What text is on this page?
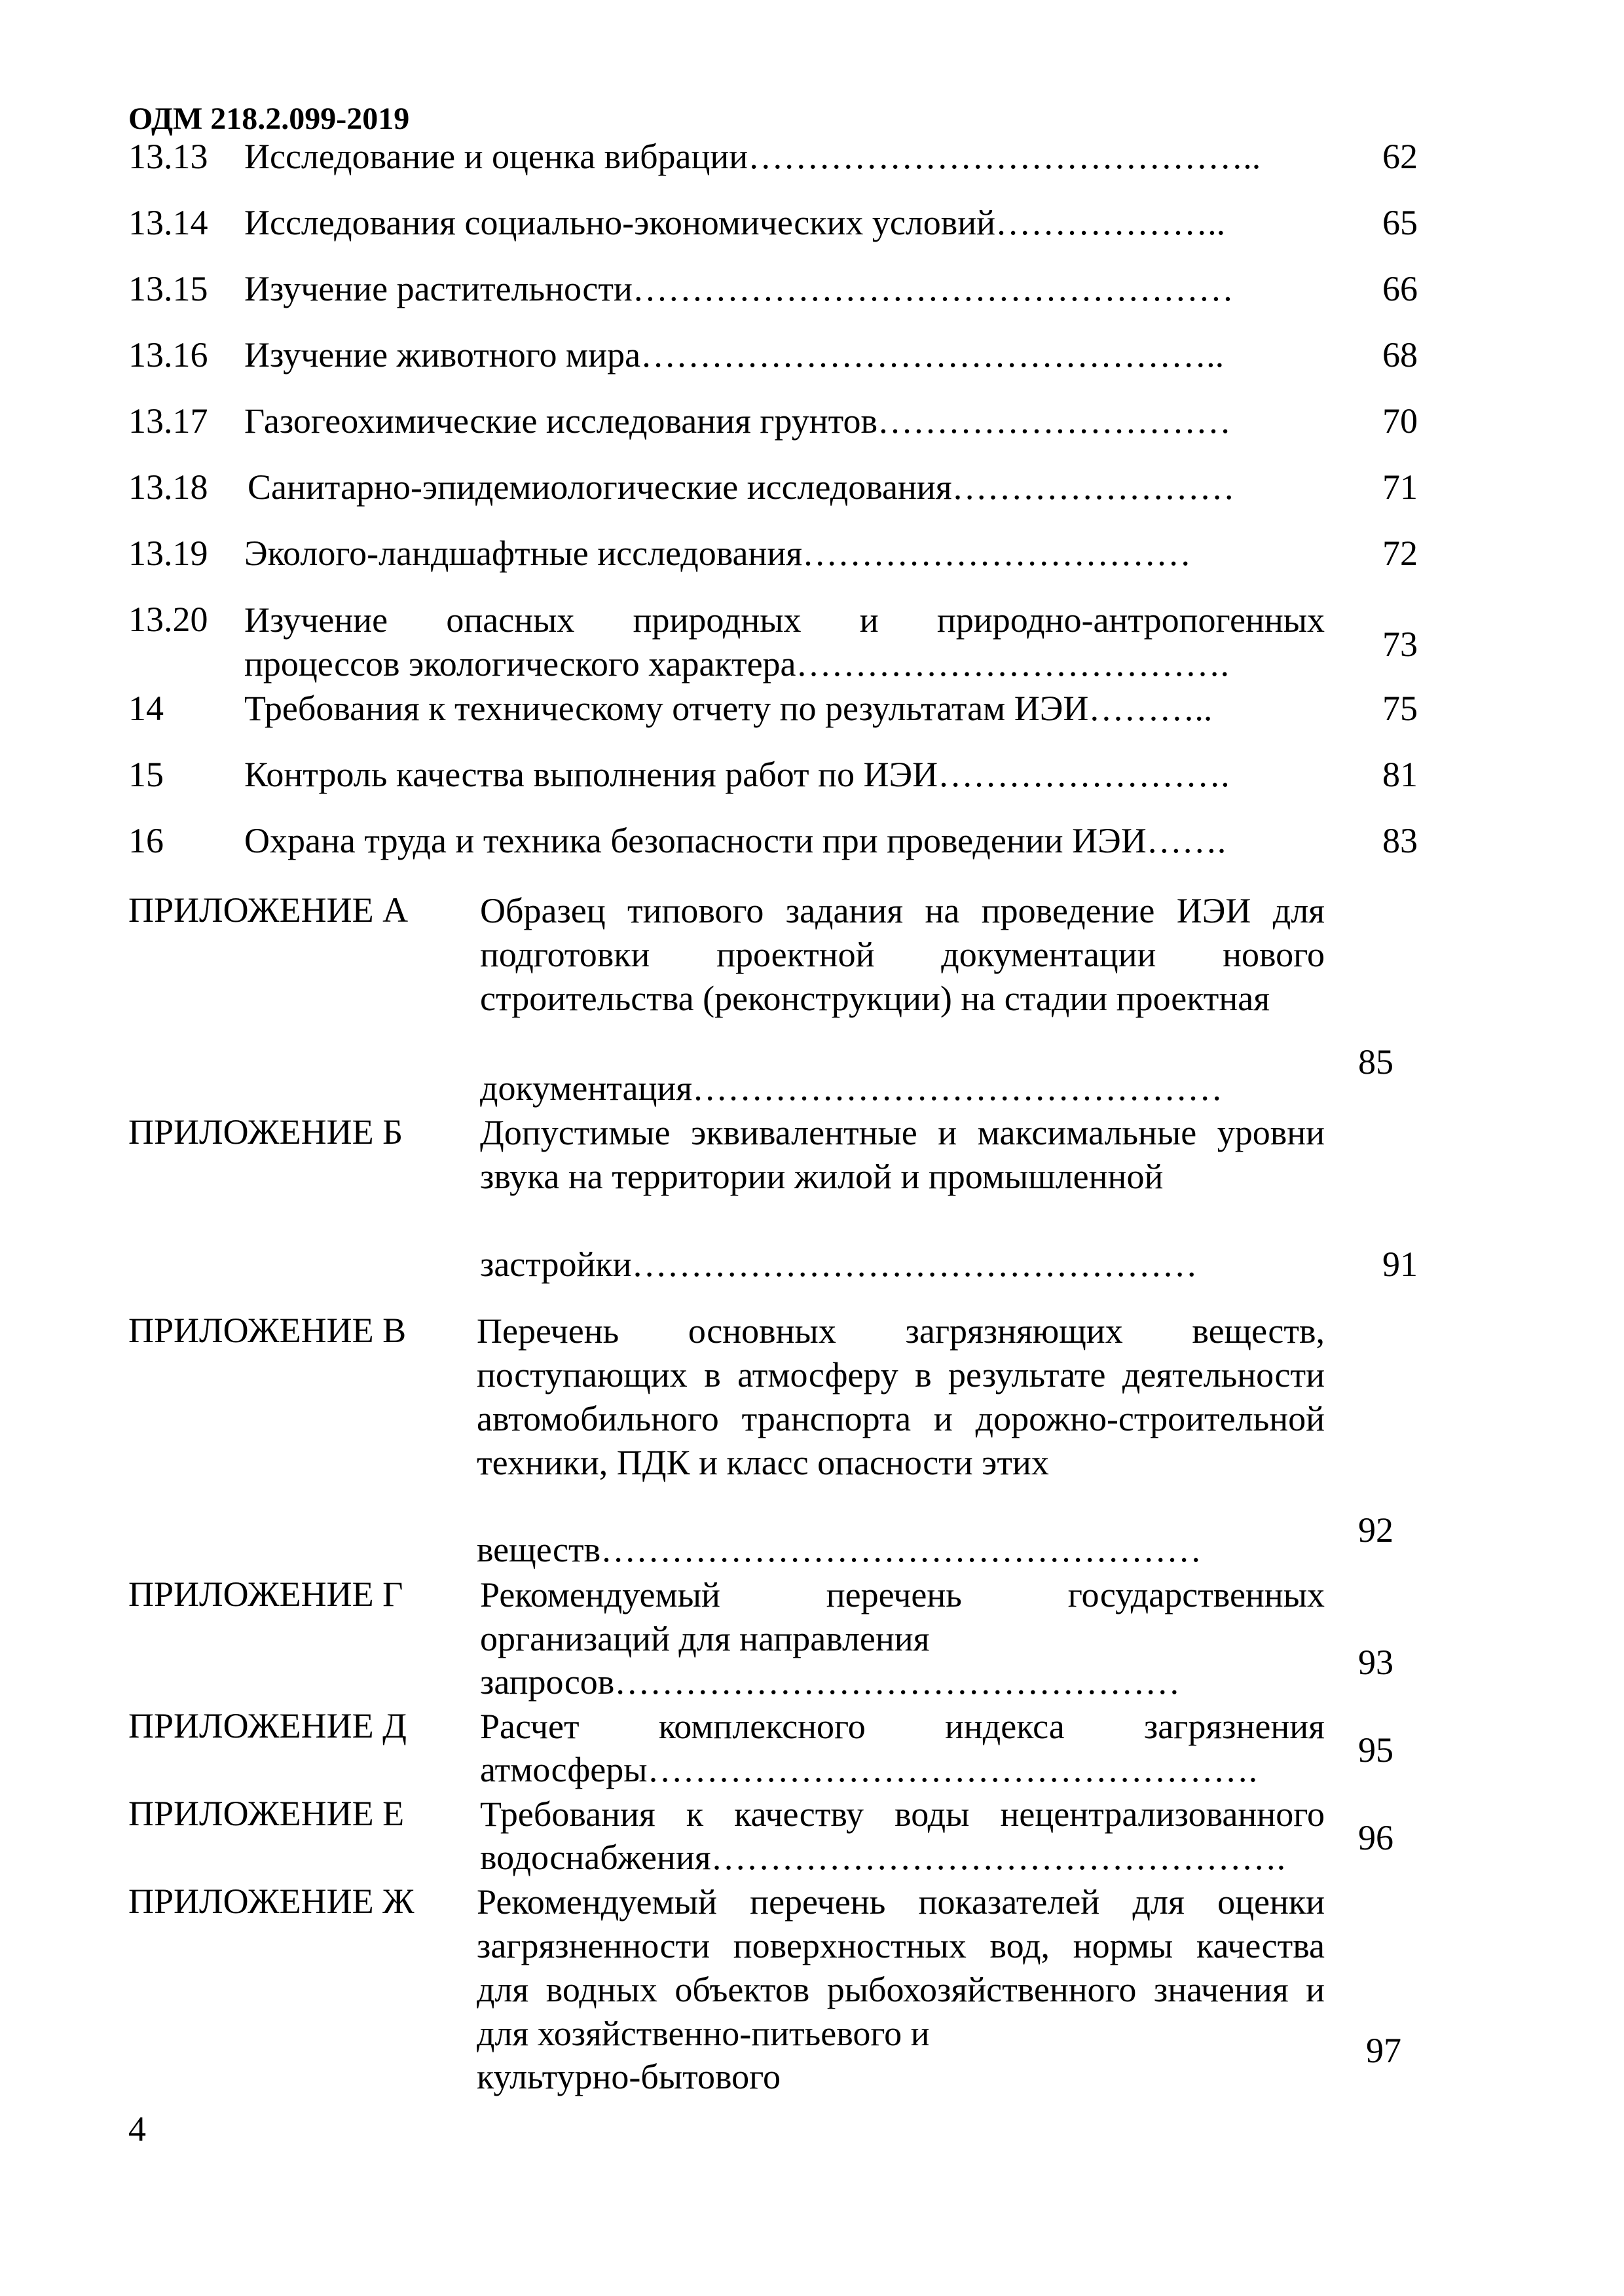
ОДМ 218.2.099-2019
13.13 Исследование и оценка вибрации……………………………………..	62
13.14 Исследования социально-экономических условий………………..	65
13.15 Изучение растительности……………………………………………	66
13.16 Изучение животного мира…………………………………………..	68
13.17 Газогеохимические исследования грунтов…………………………	70
13.18 Санитарно-эпидемиологические исследования……………………	71
13.19 Эколого-ландшафтные исследования……………………………	72
13.20 Изучение опасных природных и природно-антропогенных
процессов экологического характера……………………………….	73
14 Требования к техническому отчету по результатам ИЭИ………..	75
15 Контроль качества выполнения работ по ИЭИ…………………….	81
16 Охрана труда и техника безопасности при проведении ИЭИ…….	83
ПРИЛОЖЕНИЕ А Образец типового задания на проведение ИЭИ для подготовки проектной документации нового строительства (реконструкции) на стадии проектная
документация………………………………………
85
ПРИЛОЖЕНИЕ Б Допустимые эквивалентные и максимальные уровни звука на территории жилой и промышленной
застройки…………………………………………	91
ПРИЛОЖЕНИЕ В Перечень основных загрязняющих веществ, поступающих в атмосферу в результате деятельности автомобильного транспорта и дорожно-строительной техники, ПДК и класс опасности этих
веществ……………………………………………	92
ПРИЛОЖЕНИЕ Г Рекомендуемый перечень государственных организаций для направления
запросов…………………………………………	93
ПРИЛОЖЕНИЕ Д Расчет комплексного индекса загрязнения
атмосферы…………………………………………….	95
ПРИЛОЖЕНИЕ Е Требования к качеству воды нецентрализованного
водоснабжения………………………………………….	96
ПРИЛОЖЕНИЕ Ж Рекомендуемый перечень показателей для оценки загрязненности поверхностных вод, нормы качества для водных объектов рыбохозяйственного значения и для хозяйственно-питьевого и
культурно-бытового
97
4
